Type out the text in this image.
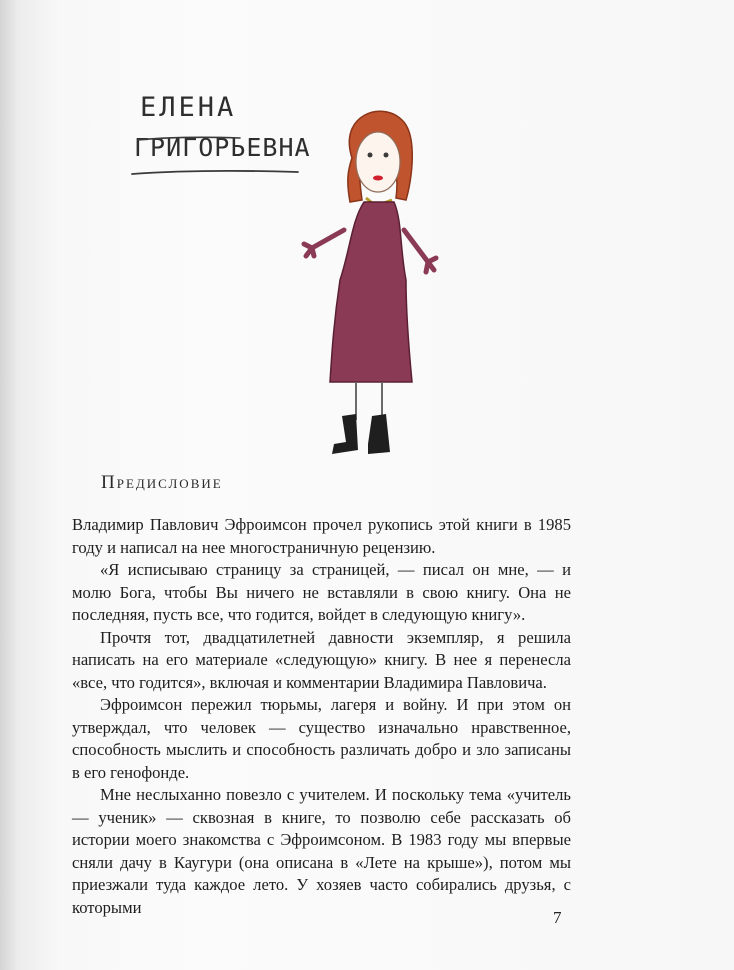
ЕЛЕНА
ГРИГОРЬЕВНА
Предисловие

Владимир Павлович Эфроимсон прочел рукопись этой книги в 1985 году и написал на нее многостраничную рецензию.

«Я исписываю страницу за страницей, — писал он мне, — и молю Бога, чтобы Вы ничего не вставляли в свою книгу. Она не последняя, пусть все, что годится, войдет в следующую книгу».

Прочтя тот, двадцатилетней давности экземпляр, я решила написать на его материале «следующую» книгу. В нее я перенесла «все, что годится», включая и комментарии Владимира Павловича.

Эфроимсон пережил тюрьмы, лагеря и войну. И при этом он утверждал, что человек — существо изначально нравственное, способность мыслить и способность различать добро и зло записаны в его генофонде.

Мне неслыханно повезло с учителем. И поскольку тема «учитель — ученик» — сквозная в книге, то позволю себе рассказать об истории моего знакомства с Эфроимсоном. В 1983 году мы впервые сняли дачу в Каугури (она описана в «Лете на крыше»), потом мы приезжали туда каждое лето. У хозяев часто собирались друзья, с которыми

7
